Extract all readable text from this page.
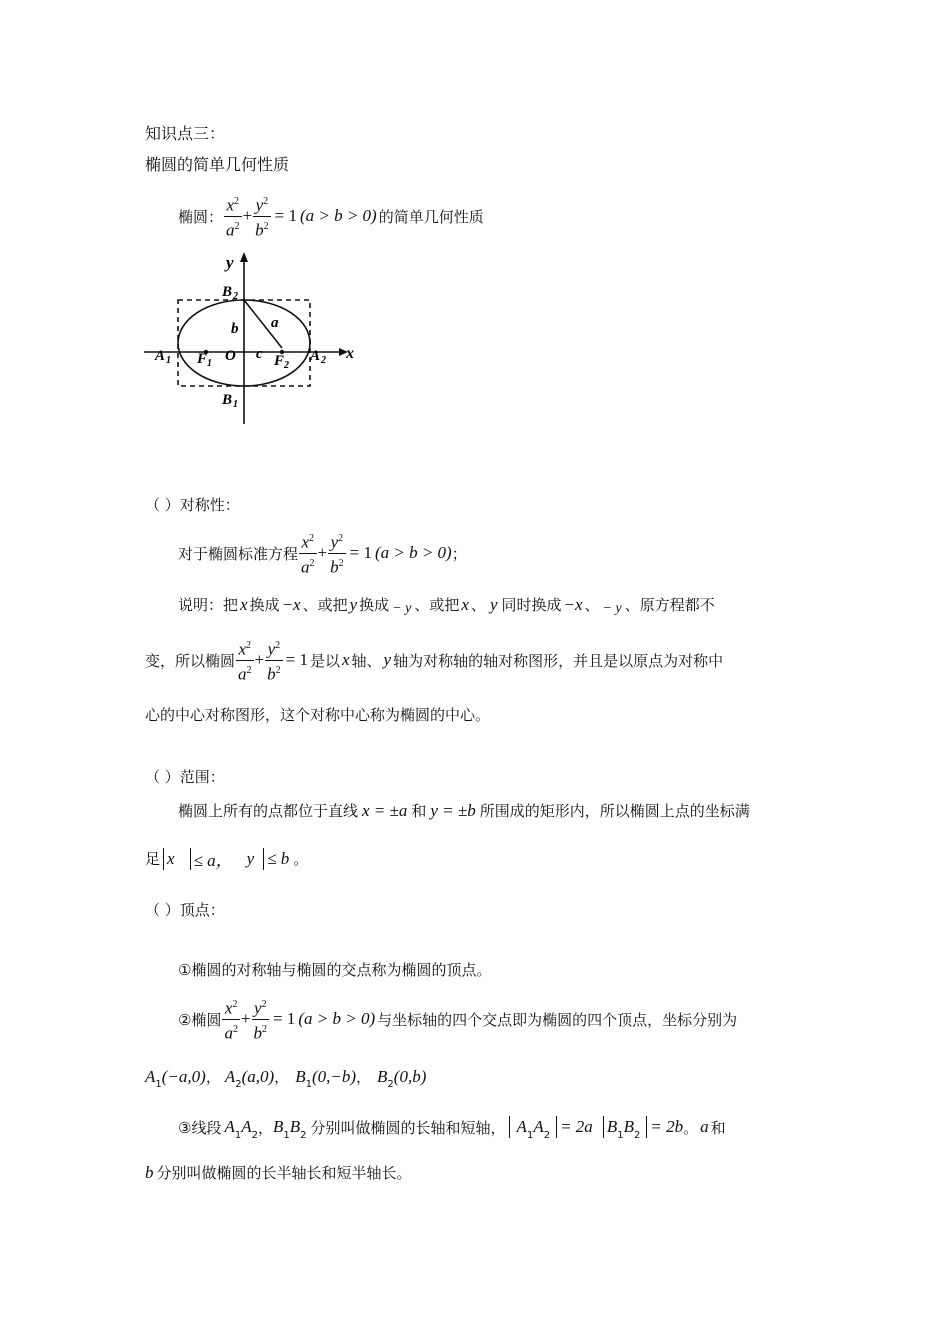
知识点三：
椭圆的简单几何性质
椭圆： $\frac{x^2}{a^2} + \frac{y^2}{b^2} = 1$ (a > b > 0) 的简单几何性质
y
x
B 2
B 1
A 1	A 2
F 1	F 2
O c
b a
（ ）对称性：
对于椭圆标准方程 $\frac{x^2}{a^2} + \frac{y^2}{b^2} = 1$ (a > b > 0) ；
说明：把 x 换成 −x 、或把 y 换成 − y 、或把 x 、 y 同时换成 −x 、 − y 、原方程都不
变，所以椭圆 $\frac{x^2}{a^2} + \frac{y^2}{b^2} = 1$ 是以 x 轴、 y 轴为对称轴的轴对称图形，并且是以原点为对称中
心的中心对称图形，这个对称中心称为椭圆的中心。
（ ）范围：
椭圆上所有的点都位于直线 x = ±a 和 y = ±b 所围成的矩形内，所以椭圆上点的坐标满
足 x ≤ a， y ≤ b 。
（ ）顶点：
①椭圆的对称轴与椭圆的交点称为椭圆的顶点。
②椭圆 $\frac{x^2}{a^2} + \frac{y^2}{b^2} = 1$ (a > b > 0) 与坐标轴的四个交点即为椭圆的四个顶点，坐标分别为
A 1 (−a,0) ， A 2 (a,0) ， B 1 (0,−b) ， B 2 (0,b)
③线段 A 1 A 2 ， B 1 B 2 分别叫做椭圆的长轴和短轴， A 1 A 2 = 2a B 1 B 2 = 2b 。 a 和
b 分别叫做椭圆的长半轴长和短半轴长。
